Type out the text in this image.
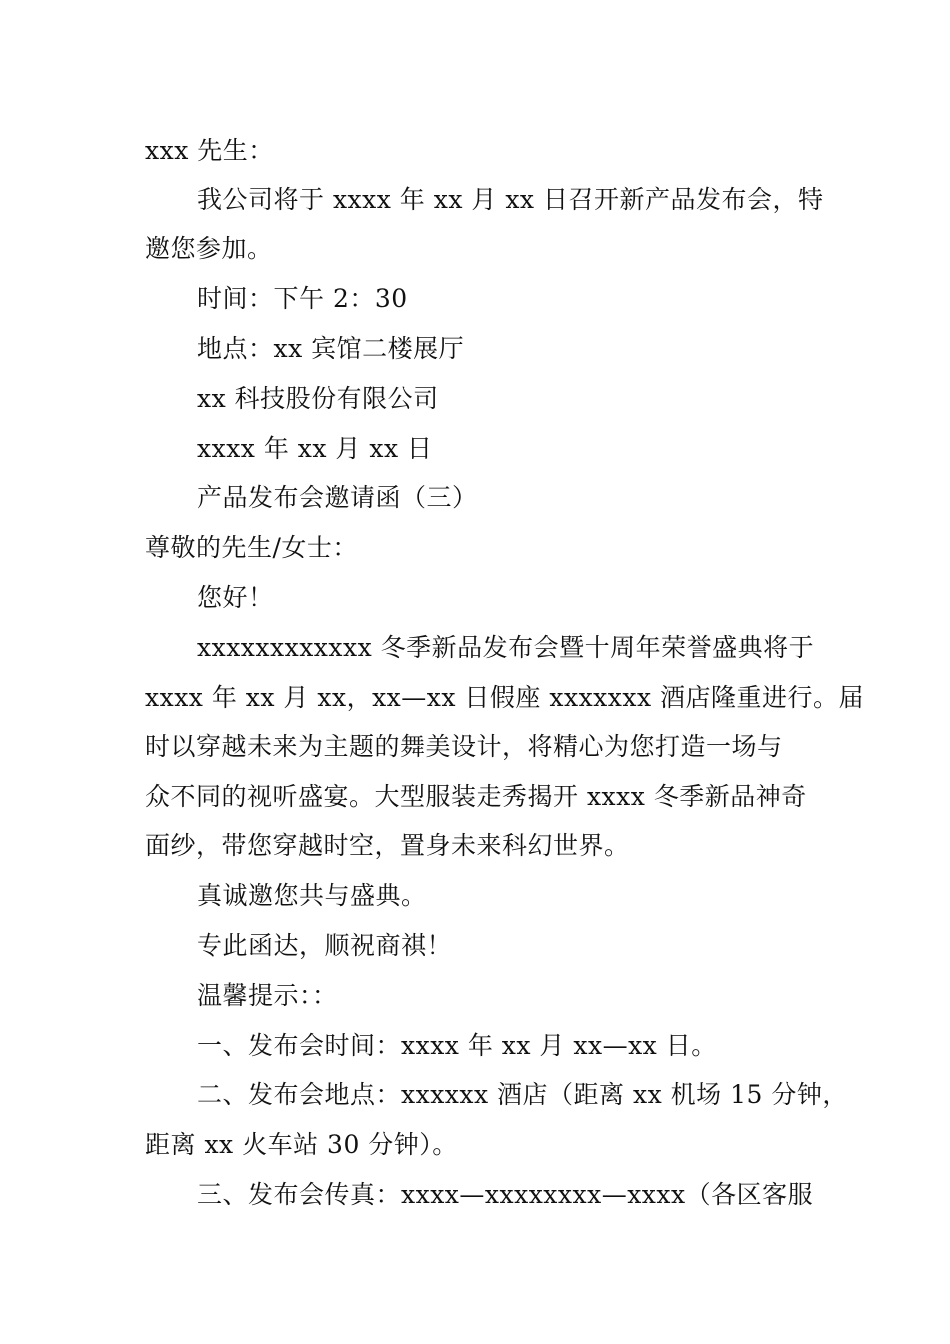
xxx 先生：
我公司将于 xxxx 年 xx 月 xx 日召开新产品发布会，特
邀您参加。
时间：下午 2：30
地点：xx 宾馆二楼展厅
xx 科技股份有限公司
xxxx 年 xx 月 xx 日
产品发布会邀请函（三）
尊敬的先生/女士：
您好！
xxxxxxxxxxxx 冬季新品发布会暨十周年荣誉盛典将于
xxxx 年 xx 月 xx，xx—xx 日假座 xxxxxxx 酒店隆重进行。届
时以穿越未来为主题的舞美设计，将精心为您打造一场与
众不同的视听盛宴。大型服装走秀揭开 xxxx 冬季新品神奇
面纱，带您穿越时空，置身未来科幻世界。
真诚邀您共与盛典。
专此函达，顺祝商祺！
温馨提示：：
一、发布会时间：xxxx 年 xx 月 xx—xx 日。
二、发布会地点：xxxxxx 酒店（距离 xx 机场 15 分钟，
距离 xx 火车站 30 分钟）。
三、发布会传真：xxxx—xxxxxxxx—xxxx（各区客服
